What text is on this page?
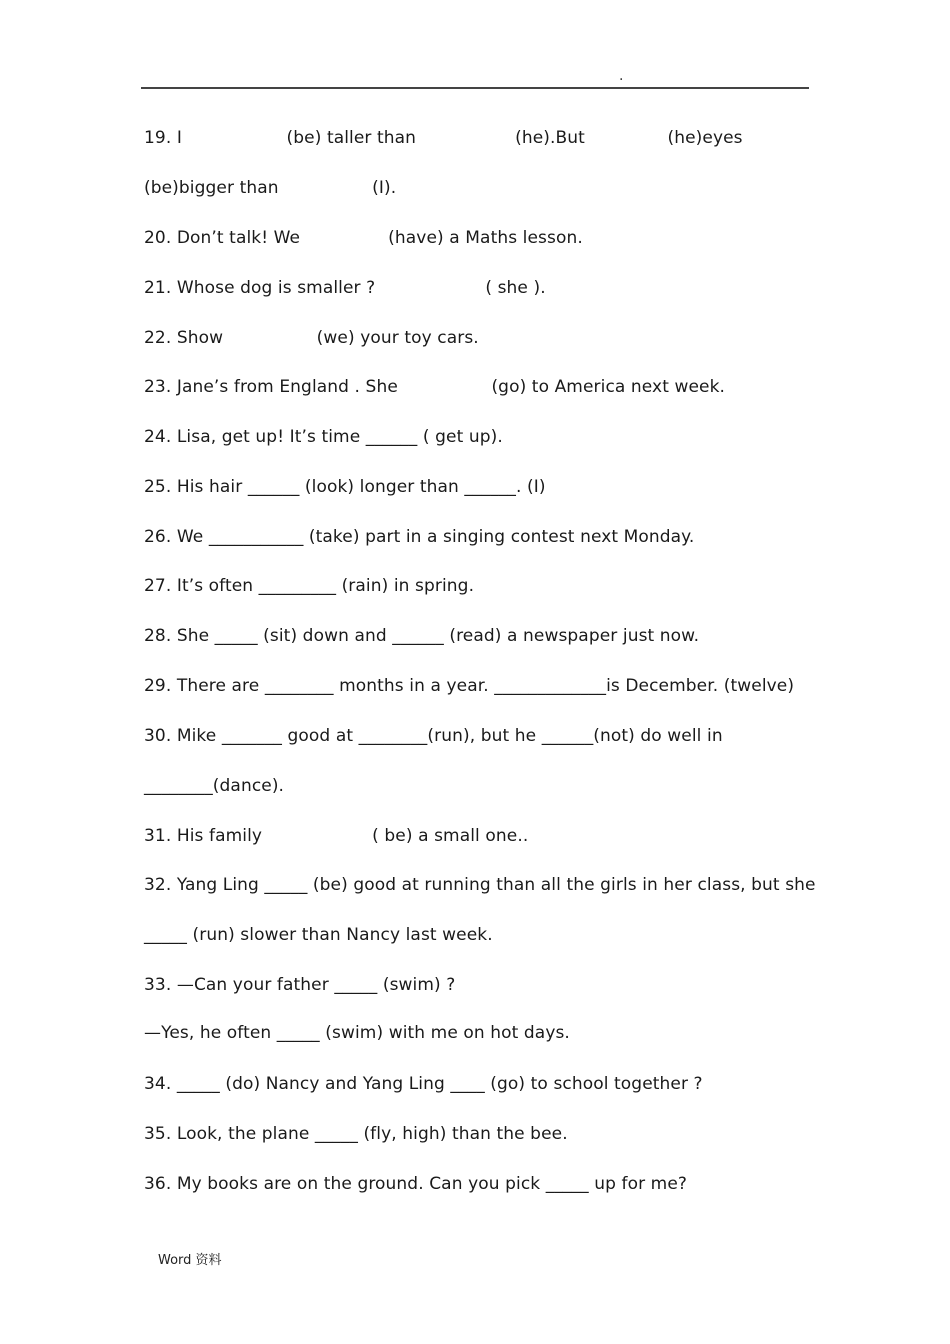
.
19. I                   (be) taller than                  (he).But               (he)eyes
(be)bigger than                 (I).
20. Don’t talk! We                (have) a Maths lesson.
21. Whose dog is smaller ?                    ( she ).
22. Show                 (we) your toy cars.
23. Jane’s from England . She                 (go) to America next week.
24. Lisa, get up! It’s time ______ ( get up).
25. His hair ______ (look) longer than ______. (I)
26. We ___________ (take) part in a singing contest next Monday.
27. It’s often _________ (rain) in spring.
28. She _____ (sit) down and ______ (read) a newspaper just now.
29. There are ________ months in a year. _____________is December. (twelve)
30. Mike _______ good at ________(run), but he ______(not) do well in
________(dance).
31. His family                    ( be) a small one..
32. Yang Ling _____ (be) good at running than all the girls in her class, but she
_____ (run) slower than Nancy last week.
33. —Can your father _____ (swim) ?
—Yes, he often _____ (swim) with me on hot days.
34. _____ (do) Nancy and Yang Ling ____ (go) to school together ?
35. Look, the plane _____ (fly, high) than the bee.
36. My books are on the ground. Can you pick _____ up for me?
Word 资料
